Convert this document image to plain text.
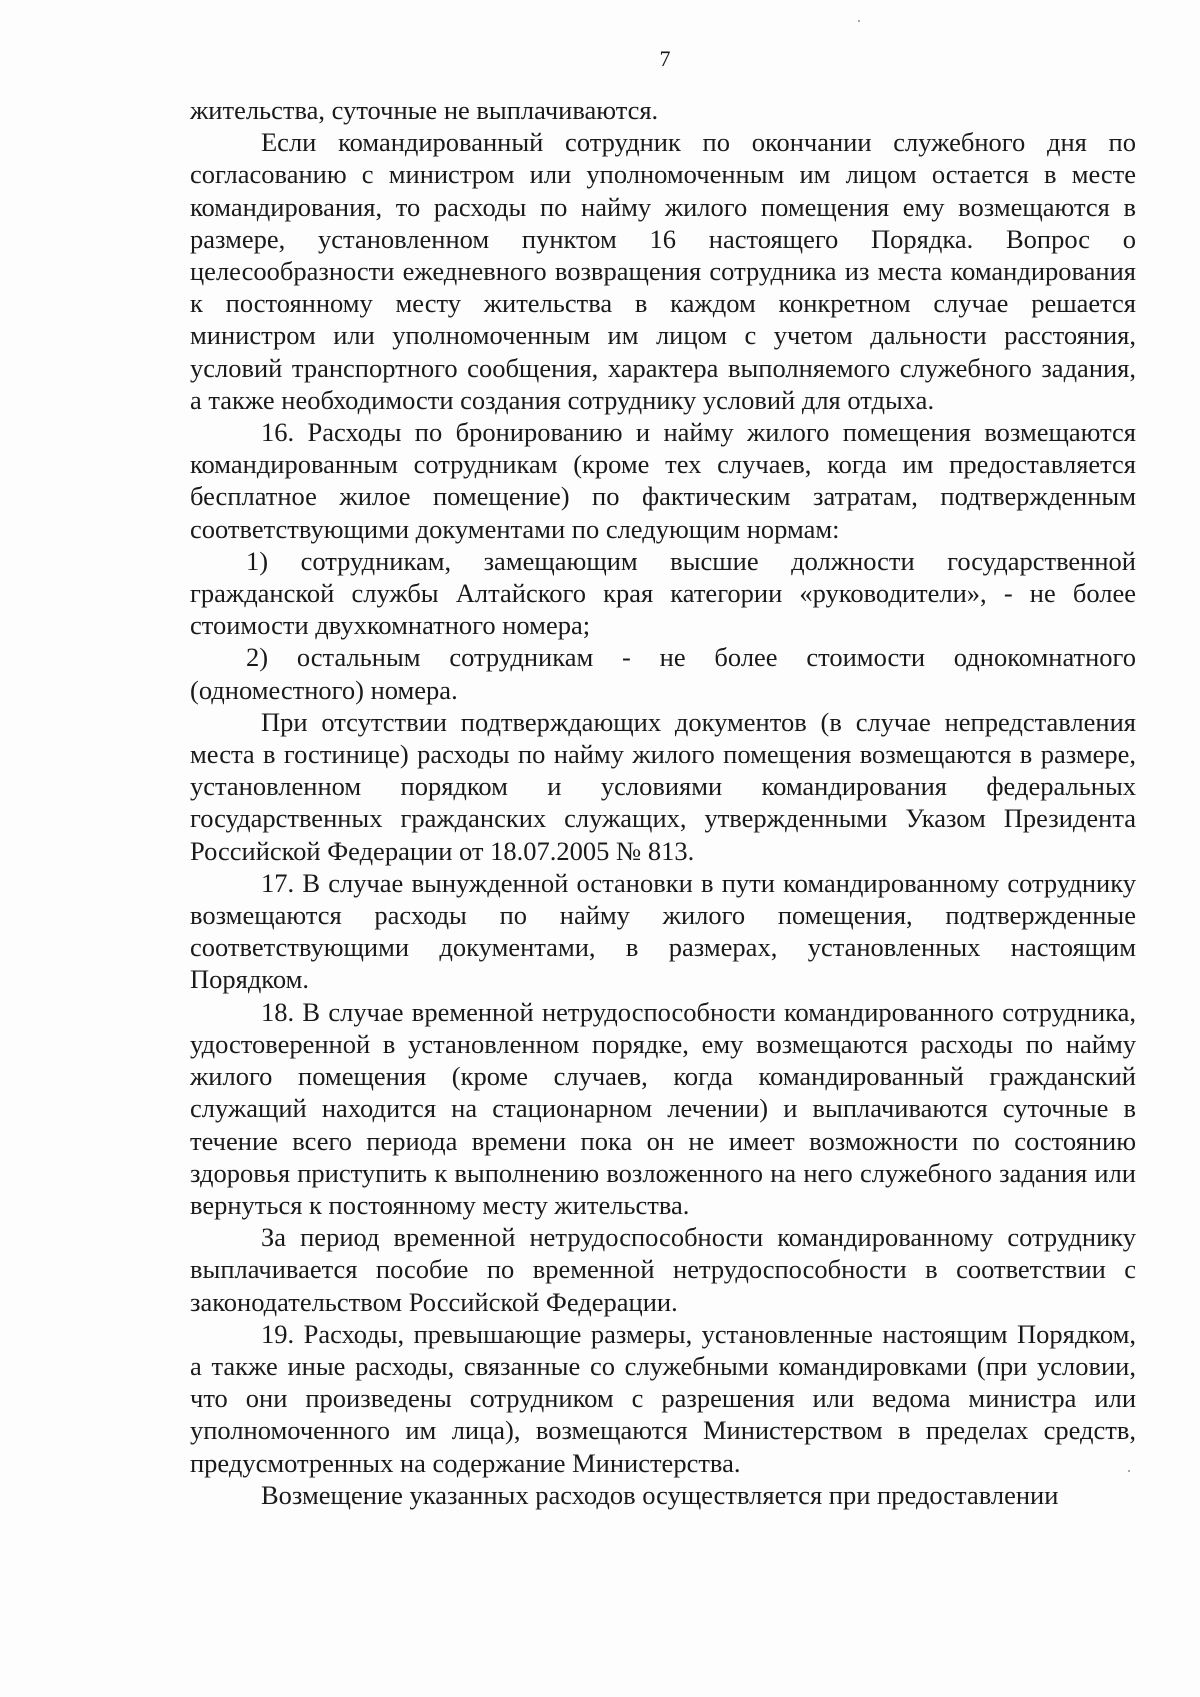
7

жительства, суточные не выплачиваются.

Если командированный сотрудник по окончании служебного дня по согласованию с министром или уполномоченным им лицом остается в месте командирования, то расходы по найму жилого помещения ему возмещаются в размере, установленном пунктом 16 настоящего Порядка. Вопрос о целесообразности ежедневного возвращения сотрудника из места командирования к постоянному месту жительства в каждом конкретном случае решается министром или уполномоченным им лицом с учетом дальности расстояния, условий транспортного сообщения, характера выполняемого служебного задания, а также необходимости создания сотруднику условий для отдыха.

16. Расходы по бронированию и найму жилого помещения возмещаются командированным сотрудникам (кроме тех случаев, когда им предоставляется бесплатное жилое помещение) по фактическим затратам, подтвержденным соответствующими документами по следующим нормам:

1) сотрудникам, замещающим высшие должности государственной гражданской службы Алтайского края категории «руководители», - не более стоимости двухкомнатного номера;

2) остальным сотрудникам - не более стоимости однокомнатного (одноместного) номера.

При отсутствии подтверждающих документов (в случае непредставления места в гостинице) расходы по найму жилого помещения возмещаются в размере, установленном порядком и условиями командирования федеральных государственных гражданских служащих, утвержденными Указом Президента Российской Федерации от 18.07.2005 № 813.

17. В случае вынужденной остановки в пути командированному сотруднику возмещаются расходы по найму жилого помещения, подтвержденные соответствующими документами, в размерах, установленных настоящим Порядком.

18. В случае временной нетрудоспособности командированного сотрудника, удостоверенной в установленном порядке, ему возмещаются расходы по найму жилого помещения (кроме случаев, когда командированный гражданский служащий находится на стационарном лечении) и выплачиваются суточные в течение всего периода времени пока он не имеет возможности по состоянию здоровья приступить к выполнению возложенного на него служебного задания или вернуться к постоянному месту жительства.

За период временной нетрудоспособности командированному сотруднику выплачивается пособие по временной нетрудоспособности в соответствии с законодательством Российской Федерации.

19. Расходы, превышающие размеры, установленные настоящим Порядком, а также иные расходы, связанные со служебными командировками (при условии, что они произведены сотрудником с разрешения или ведома министра или уполномоченного им лица), возмещаются Министерством в пределах средств, предусмотренных на содержание Министерства.

Возмещение указанных расходов осуществляется при предоставлении
